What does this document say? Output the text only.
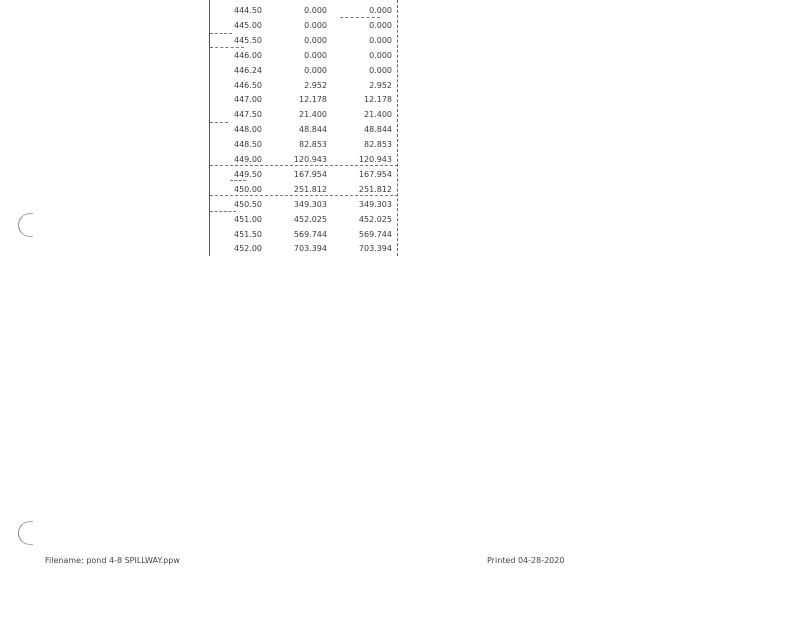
444.50	0.000	0.000
445.00	0.000	0.000
445.50	0.000	0.000
446.00	0.000	0.000
446.24	0.000	0.000
446.50	2.952	2.952
447.00	12.178	12.178
447.50	21.400	21.400
448.00	48.844	48.844
448.50	82.853	82.853
449.00	120.943	120.943
449.50	167.954	167.954
450.00	251.812	251.812
450.50	349.303	349.303
451.00	452.025	452.025
451.50	569.744	569.744
452.00	703.394	703.394
Filename: pond 4-8 SPILLWAY.ppw	Printed 04-28-2020
